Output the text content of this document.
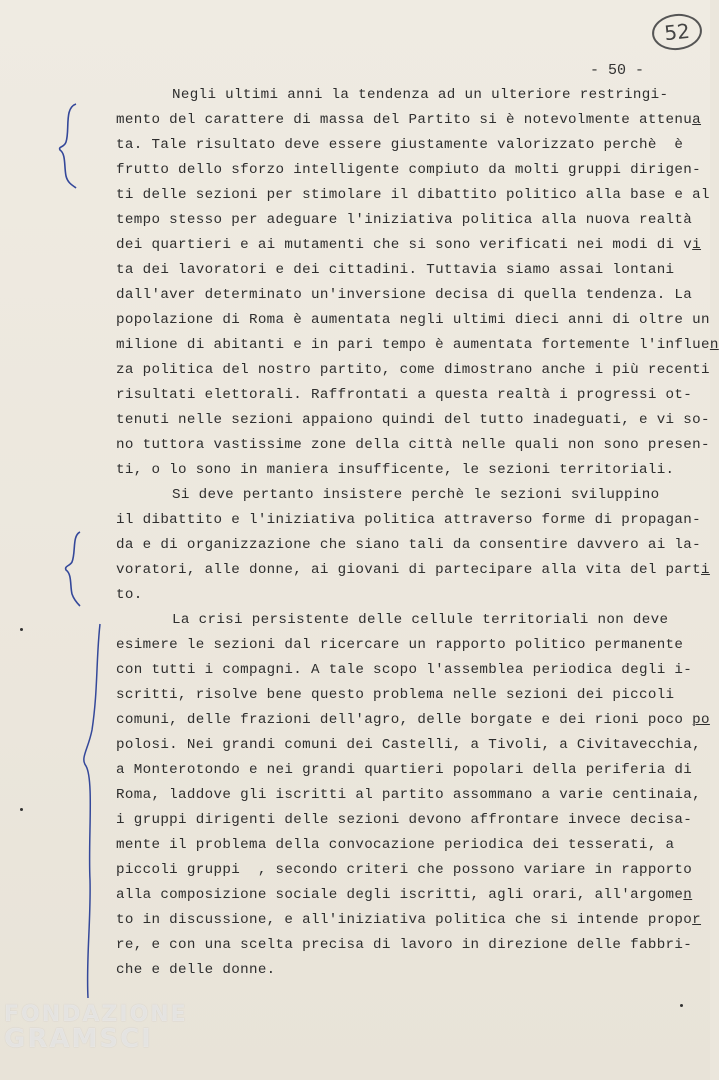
52
- 50 -
Negli ultimi anni la tendenza ad un ulteriore restringi-
mento del carattere di massa del Partito si è notevolmente attenua
ta. Tale risultato deve essere giustamente valorizzato perchè  è
frutto dello sforzo intelligente compiuto da molti gruppi dirigen-
ti delle sezioni per stimolare il dibattito politico alla base e al
tempo stesso per adeguare l'iniziativa politica alla nuova realtà
dei quartieri e ai mutamenti che si sono verificati nei modi di vi
ta dei lavoratori e dei cittadini. Tuttavia siamo assai lontani
dall'aver determinato un'inversione decisa di quella tendenza. La
popolazione di Roma è aumentata negli ultimi dieci anni di oltre un
milione di abitanti e in pari tempo è aumentata fortemente l'influen
za politica del nostro partito, come dimostrano anche i più recenti
risultati elettorali. Raffrontati a questa realtà i progressi ot-
tenuti nelle sezioni appaiono quindi del tutto inadeguati, e vi so-
no tuttora vastissime zone della città nelle quali non sono presen-
ti, o lo sono in maniera insufficente, le sezioni territoriali.
Si deve pertanto insistere perchè le sezioni sviluppino
il dibattito e l'iniziativa politica attraverso forme di propagan-
da e di organizzazione che siano tali da consentire davvero ai la-
voratori, alle donne, ai giovani di partecipare alla vita del parti
to.
La crisi persistente delle cellule territoriali non deve
esimere le sezioni dal ricercare un rapporto politico permanente
con tutti i compagni. A tale scopo l'assemblea periodica degli i-
scritti, risolve bene questo problema nelle sezioni dei piccoli
comuni, delle frazioni dell'agro, delle borgate e dei rioni poco po
polosi. Nei grandi comuni dei Castelli, a Tivoli, a Civitavecchia,
a Monterotondo e nei grandi quartieri popolari della periferia di
Roma, laddove gli iscritti al partito assommano a varie centinaia,
i gruppi dirigenti delle sezioni devono affrontare invece decisa-
mente il problema della convocazione periodica dei tesserati, a
piccoli gruppi  , secondo criteri che possono variare in rapporto
alla composizione sociale degli iscritti, agli orari, all'argomen
to in discussione, e all'iniziativa politica che si intende propor
re, e con una scelta precisa di lavoro in direzione delle fabbri-
che e delle donne.
FONDAZIONE
GRAMSCI
